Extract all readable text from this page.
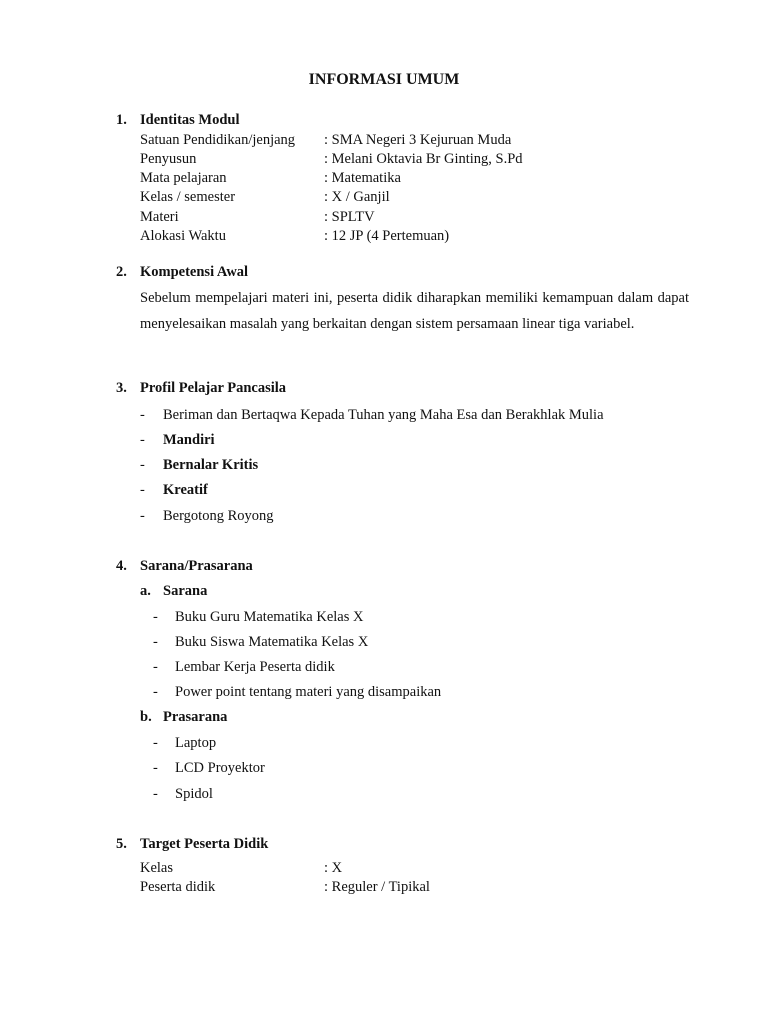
INFORMASI UMUM
1. Identitas Modul
Satuan Pendidikan/jenjang : SMA Negeri 3 Kejuruan Muda
Penyusun	: Melani Oktavia Br Ginting, S.Pd
Mata pelajaran	: Matematika
Kelas / semester	: X / Ganjil
Materi	: SPLTV
Alokasi Waktu	: 12 JP (4 Pertemuan)
2. Kompetensi Awal
Sebelum mempelajari materi ini, peserta didik diharapkan memiliki kemampuan dalam dapat menyelesaikan masalah yang berkaitan dengan sistem persamaan linear tiga variabel.
3. Profil Pelajar Pancasila
- Beriman dan Bertaqwa Kepada Tuhan yang Maha Esa dan Berakhlak Mulia
- Mandiri
- Bernalar Kritis
- Kreatif
- Bergotong Royong
4. Sarana/Prasarana
a. Sarana
- Buku Guru Matematika Kelas X
- Buku Siswa Matematika Kelas X
- Lembar Kerja Peserta didik
- Power point tentang materi yang disampaikan
b. Prasarana
- Laptop
- LCD Proyektor
- Spidol
5. Target Peserta Didik
Kelas	: X
Peserta didik	: Reguler / Tipikal
